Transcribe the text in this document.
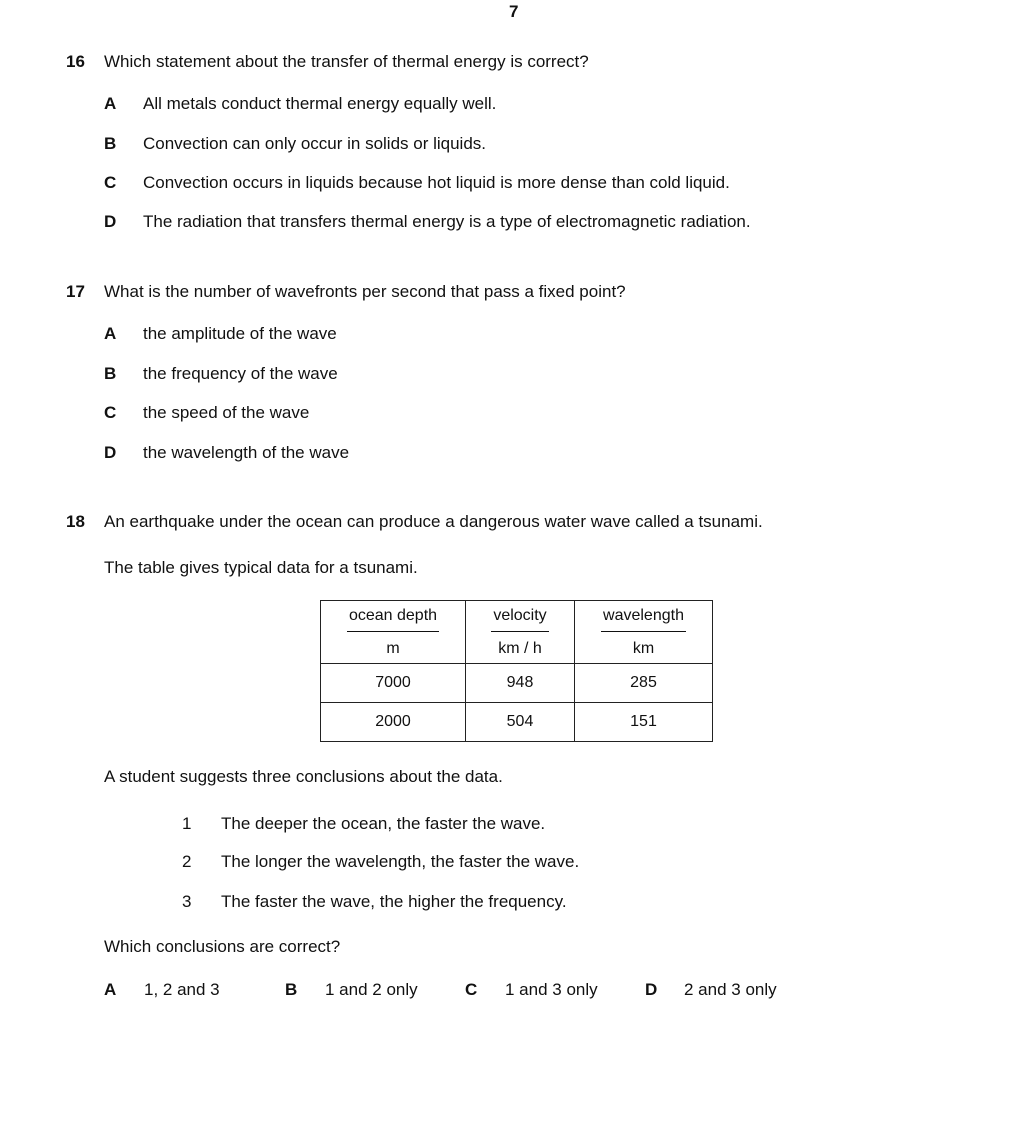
7
16 Which statement about the transfer of thermal energy is correct?
A All metals conduct thermal energy equally well.
B Convection can only occur in solids or liquids.
C Convection occurs in liquids because hot liquid is more dense than cold liquid.
D The radiation that transfers thermal energy is a type of electromagnetic radiation.
17 What is the number of wavefronts per second that pass a fixed point?
A the amplitude of the wave
B the frequency of the wave
C the speed of the wave
D the wavelength of the wave
18 An earthquake under the ocean can produce a dangerous water wave called a tsunami.
The table gives typical data for a tsunami.
$\frac{\text{ocean depth}}{m}$	$\frac{\text{velocity}}{km / h}$	$\frac{\text{wavelength}}{km}$

7000	948	285
2000	504	151
A student suggests three conclusions about the data.
1 The deeper the ocean, the faster the wave.
2 The longer the wavelength, the faster the wave.
3 The faster the wave, the higher the frequency.
Which conclusions are correct?
A 1, 2 and 3	B 1 and 2 only	C 1 and 3 only	D 2 and 3 only
